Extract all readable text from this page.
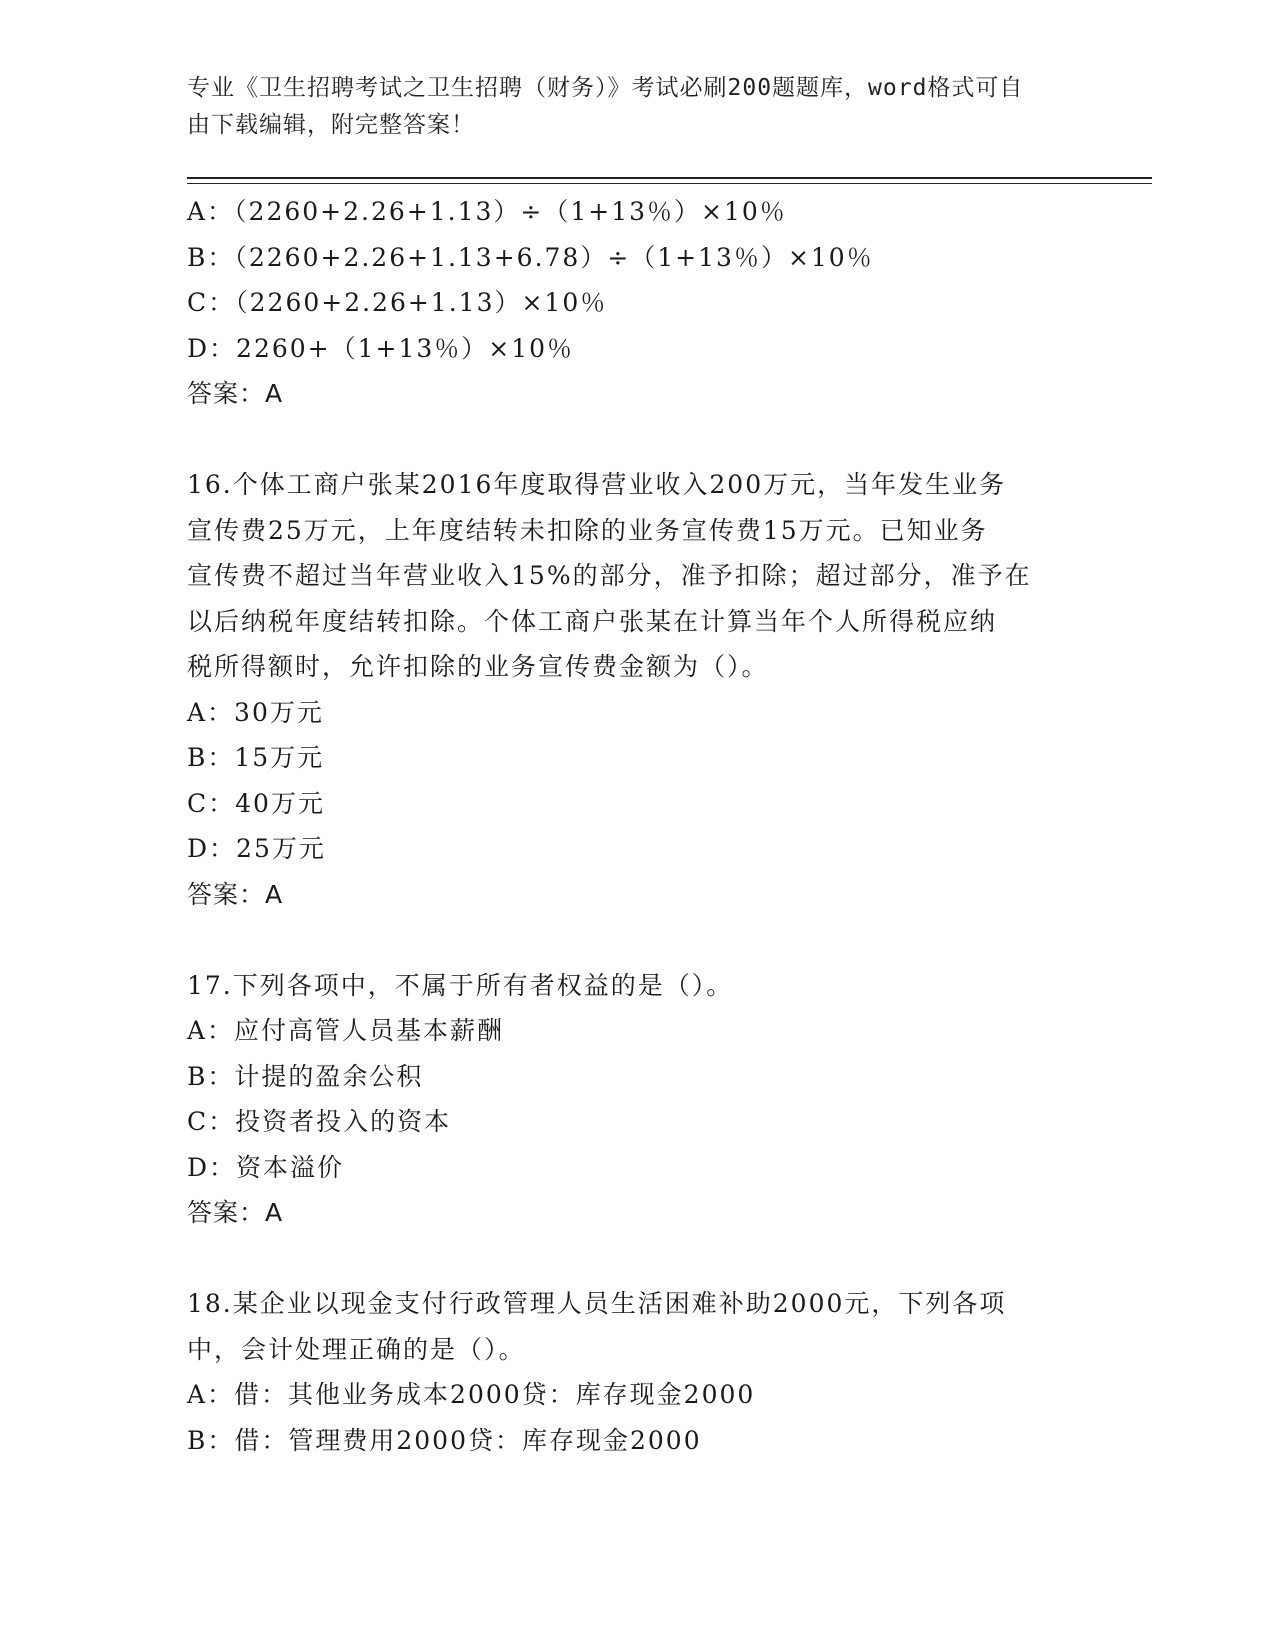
专业《卫生招聘考试之卫生招聘（财务）》考试必刷200题题库，word格式可自
由下载编辑，附完整答案！
A：（2260+2.26+1.13）÷（1+13％）×10％
B：（2260+2.26+1.13+6.78）÷（1+13％）×10％
C：（2260+2.26+1.13）×10％
D：2260+（1+13％）×10％
答案：A
16.个体工商户张某2016年度取得营业收入200万元，当年发生业务
宣传费25万元，上年度结转未扣除的业务宣传费15万元。已知业务
宣传费不超过当年营业收入15%的部分，准予扣除；超过部分，准予在
以后纳税年度结转扣除。个体工商户张某在计算当年个人所得税应纳
税所得额时，允许扣除的业务宣传费金额为（）。
A：30万元
B：15万元
C：40万元
D：25万元
答案：A
17.下列各项中，不属于所有者权益的是（）。
A：应付高管人员基本薪酬
B：计提的盈余公积
C：投资者投入的资本
D：资本溢价
答案：A
18.某企业以现金支付行政管理人员生活困难补助2000元，下列各项
中，会计处理正确的是（）。
A：借：其他业务成本2000贷：库存现金2000
B：借：管理费用2000贷：库存现金2000
